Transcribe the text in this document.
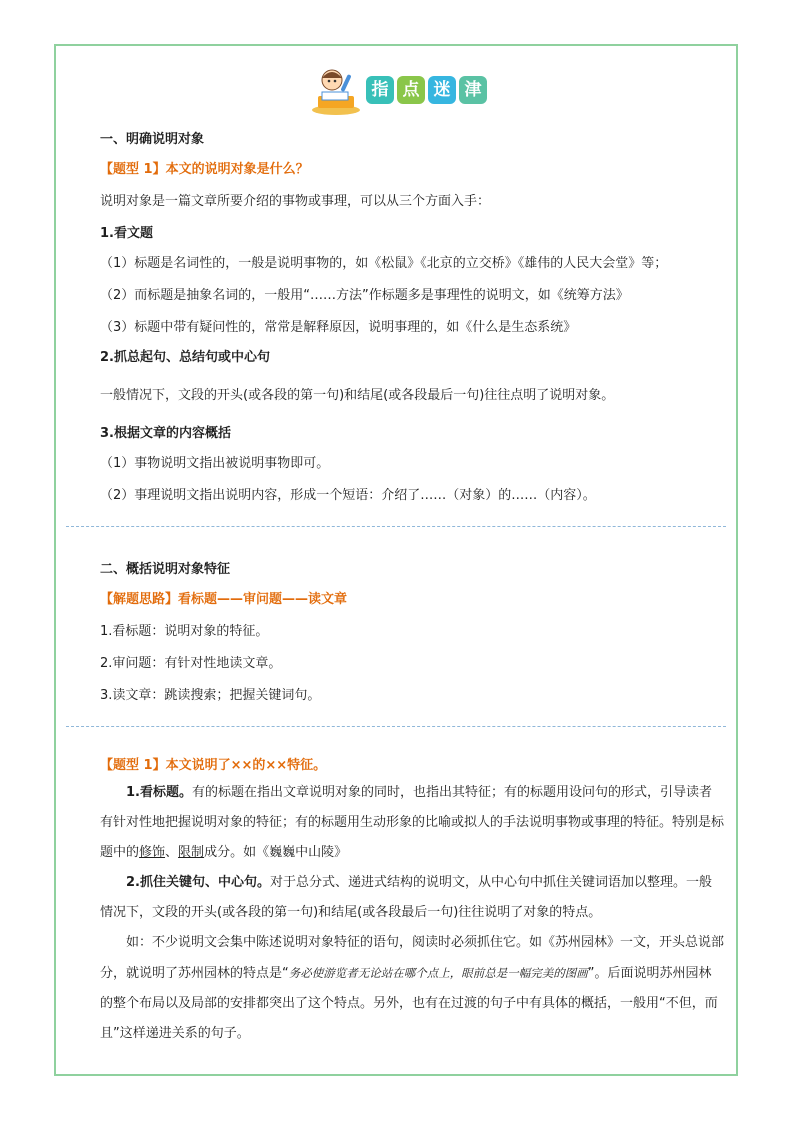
指 点 迷 津
一、明确说明对象
【题型 1】本文的说明对象是什么？
说明对象是一篇文章所要介绍的事物或事理，可以从三个方面入手：
1.看文题
（1）标题是名词性的，一般是说明事物的，如《松鼠》《北京的立交桥》《雄伟的人民大会堂》等；
（2）而标题是抽象名词的，一般用“……方法”作标题多是事理性的说明文，如《统筹方法》
（3）标题中带有疑问性的，常常是解释原因，说明事理的，如《什么是生态系统》
2.抓总起句、总结句或中心句
一般情况下，文段的开头(或各段的第一句)和结尾(或各段最后一句)往往点明了说明对象。
3.根据文章的内容概括
（1）事物说明文指出被说明事物即可。
（2）事理说明文指出说明内容，形成一个短语：介绍了……（对象）的……（内容）。
二、概括说明对象特征
【解题思路】看标题——审问题——读文章
1.看标题：说明对象的特征。
2.审问题：有针对性地读文章。
3.读文章：跳读搜索；把握关键词句。
【题型 1】本文说明了××的××特征。

1.看标题。有的标题在指出文章说明对象的同时，也指出其特征；有的标题用设问句的形式，引导读者有针对性地把握说明对象的特征；有的标题用生动形象的比喻或拟人的手法说明事物或事理的特征。特别是标题中的修饰、限制成分。如《巍巍中山陵》

2.抓住关键句、中心句。对于总分式、递进式结构的说明文，从中心句中抓住关键词语加以整理。一般情况下，文段的开头(或各段的第一句)和结尾(或各段最后一句)往往说明了对象的特点。

如：不少说明文会集中陈述说明对象特征的语句，阅读时必须抓住它。如《苏州园林》一文，开头总说部分，就说明了苏州园林的特点是“务必使游览者无论站在哪个点上，眼前总是一幅完美的图画”。后面说明苏州园林的整个布局以及局部的安排都突出了这个特点。另外，也有在过渡的句子中有具体的概括，一般用“不但，而且”这样递进关系的句子。
